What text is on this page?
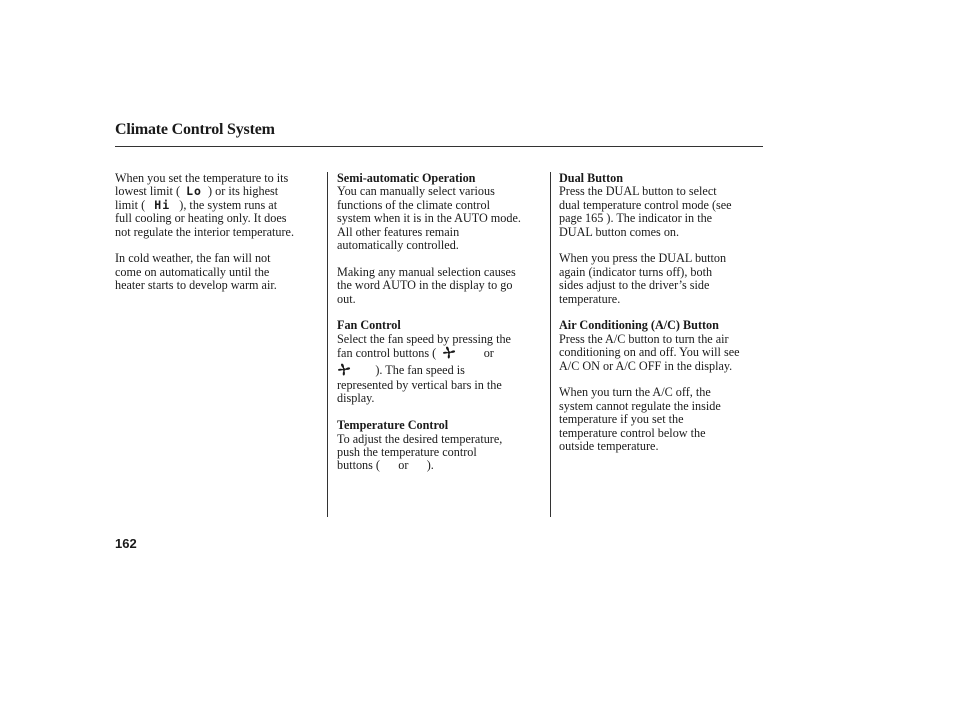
Climate Control System
When you set the temperature to its
lowest limit (  Lo  ) or its highest
limit (   Hi   ), the system runs at
full cooling or heating only. It does
not regulate the interior temperature.
In cold weather, the fan will not
come on automatically until the
heater starts to develop warm air.
Semi-automatic Operation
You can manually select various
functions of the climate control
system when it is in the AUTO mode.
All other features remain
automatically controlled.
Making any manual selection causes
the word AUTO in the display to go
out.
Fan Control
Select the fan speed by pressing the
fan control buttons (           or
). The fan speed is
represented by vertical bars in the
display.
Temperature Control
To adjust the desired temperature,
push the temperature control
buttons (      or      ).
Dual Button
Press the DUAL button to select
dual temperature control mode (see
page 165 ). The indicator in the
DUAL button comes on.
When you press the DUAL button
again (indicator turns off), both
sides adjust to the driver’s side
temperature.
Air Conditioning (A/C) Button
Press the A/C button to turn the air
conditioning on and off. You will see
A/C ON or A/C OFF in the display.
When you turn the A/C off, the
system cannot regulate the inside
temperature if you set the
temperature control below the
outside temperature.
162
